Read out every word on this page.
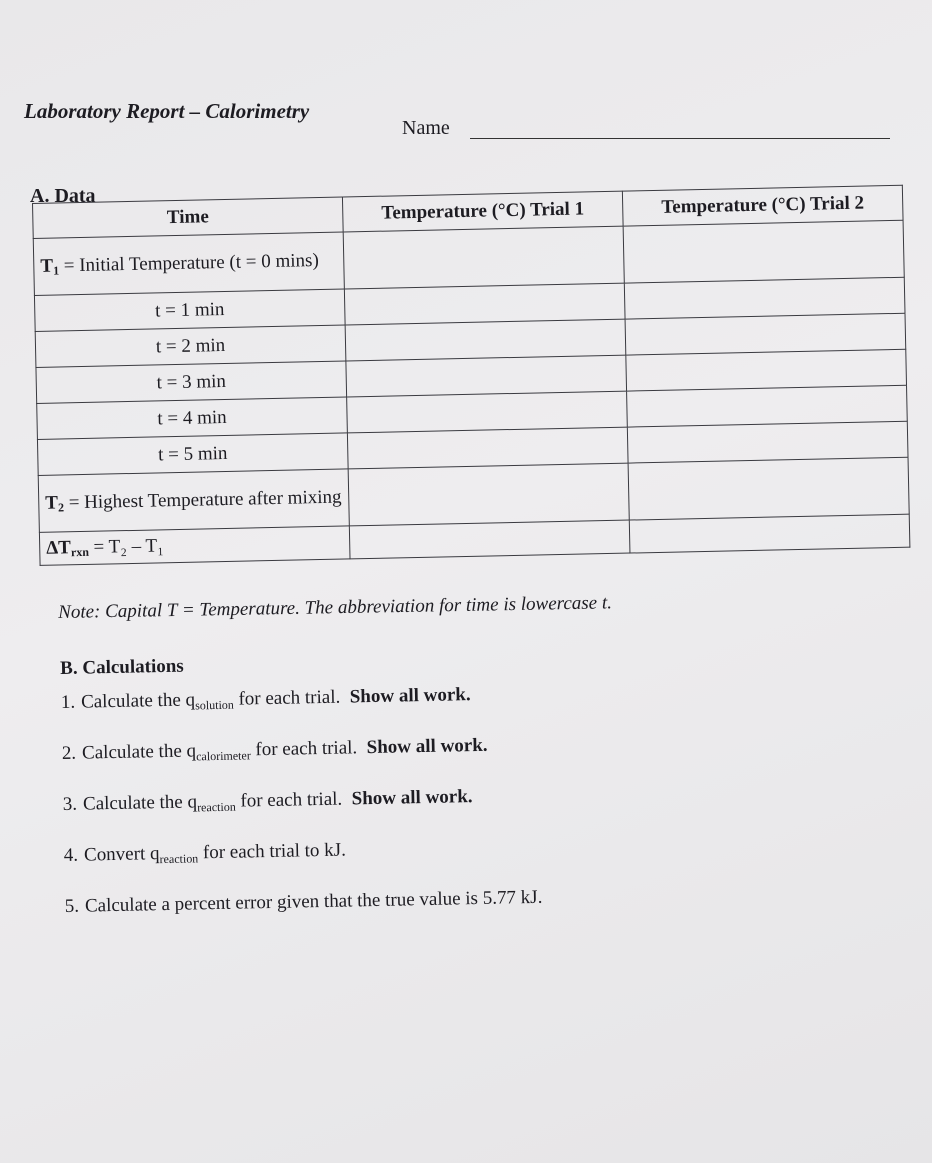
Laboratory Report – Calorimetry
Name
A. Data
Time	Temperature (°C) Trial 1	Temperature (°C) Trial 2
T1 = Initial Temperature (t = 0 mins)		
t = 1 min		
t = 2 min		
t = 3 min		
t = 4 min		
t = 5 min		
T2 = Highest Temperature after mixing		
ΔTrxn = T₂ – T₁		
Note: Capital T = Temperature. The abbreviation for time is lowercase t.
B. Calculations
1. Calculate the $q_{solution}$ for each trial. Show all work.
2. Calculate the $q_{calorimeter}$ for each trial. Show all work.
3. Calculate the $q_{reaction}$ for each trial. Show all work.
4. Convert $q_{reaction}$ for each trial to kJ.
5. Calculate a percent error given that the true value is 5.77 kJ.
